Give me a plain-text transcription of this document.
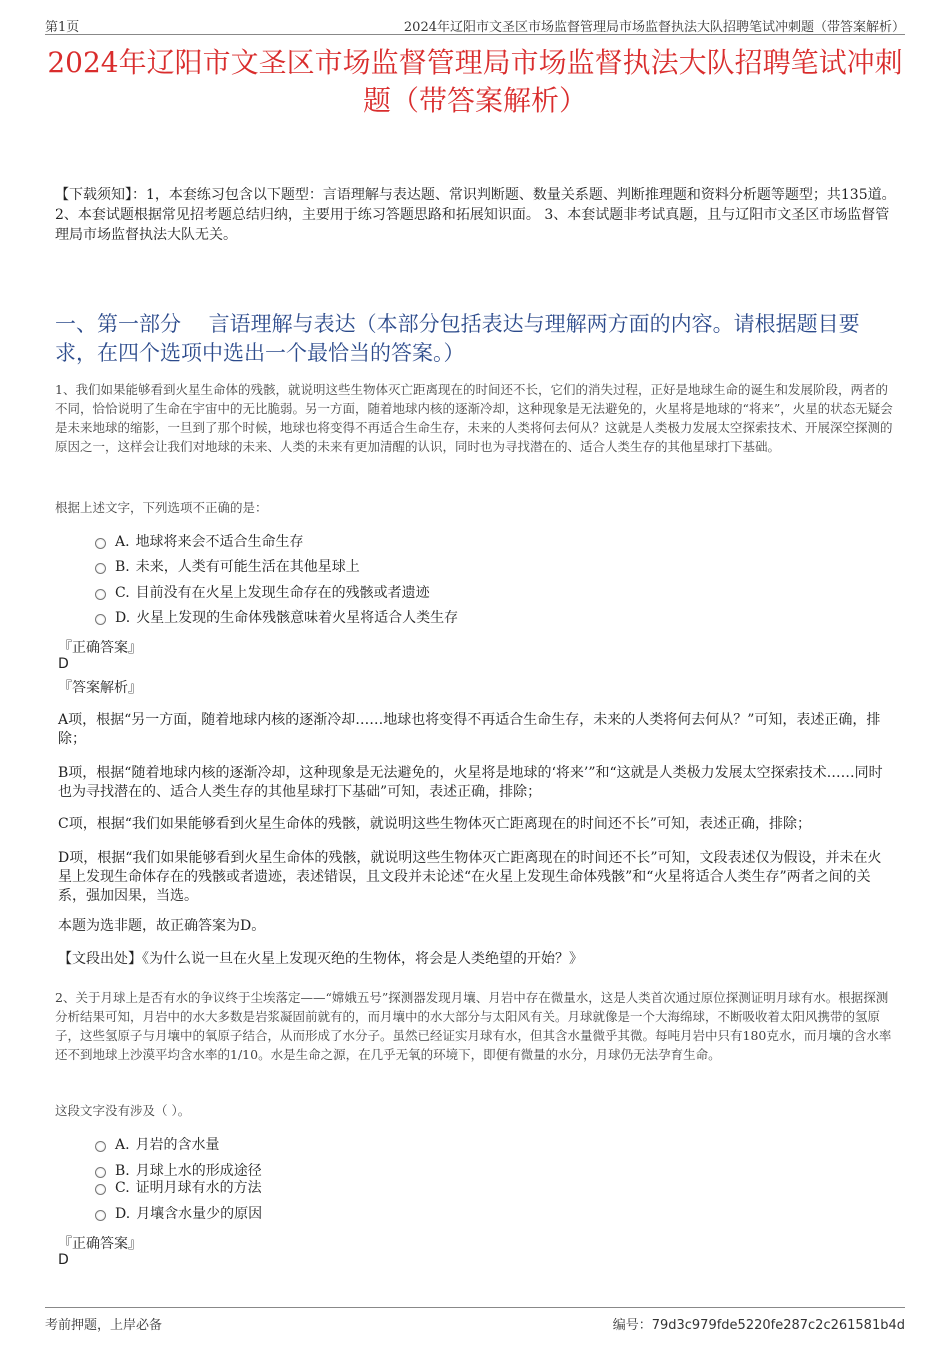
第1页	2024年辽阳市文圣区市场监督管理局市场监督执法大队招聘笔试冲刺题（带答案解析）
2024年辽阳市文圣区市场监督管理局市场监督执法大队招聘笔试冲刺题（带答案解析）
【下载须知】：1，本套练习包含以下题型：言语理解与表达题、常识判断题、数量关系题、判断推理题和资料分析题等题型；共135道。 2、本套试题根据常见招考题总结归纳，主要用于练习答题思路和拓展知识面。 3、本套试题非考试真题，且与辽阳市文圣区市场监督管理局市场监督执法大队无关。
一、第一部分　 言语理解与表达（本部分包括表达与理解两方面的内容。请根据题目要求，在四个选项中选出一个最恰当的答案。）
1、我们如果能够看到火星生命体的残骸，就说明这些生物体灭亡距离现在的时间还不长，它们的消失过程，正好是地球生命的诞生和发展阶段，两者的不同，恰恰说明了生命在宇宙中的无比脆弱。另一方面，随着地球内核的逐渐冷却，这种现象是无法避免的，火星将是地球的“将来”，火星的状态无疑会是未来地球的缩影，一旦到了那个时候，地球也将变得不再适合生命生存，未来的人类将何去何从？这就是人类极力发展太空探索技术、开展深空探测的原因之一，这样会让我们对地球的未来、人类的未来有更加清醒的认识，同时也为寻找潜在的、适合人类生存的其他星球打下基础。
根据上述文字，下列选项不正确的是：
A. 地球将来会不适合生命生存
B. 未来，人类有可能生活在其他星球上
C. 目前没有在火星上发现生命存在的残骸或者遗迹
D. 火星上发现的生命体残骸意味着火星将适合人类生存
『正确答案』
D
『答案解析』
A项，根据“另一方面，随着地球内核的逐渐冷却……地球也将变得不再适合生命生存，未来的人类将何去何从？”可知，表述正确，排除；
B项，根据“随着地球内核的逐渐冷却，这种现象是无法避免的，火星将是地球的‘将来’”和“这就是人类极力发展太空探索技术……同时也为寻找潜在的、适合人类生存的其他星球打下基础”可知，表述正确，排除；
C项，根据“我们如果能够看到火星生命体的残骸，就说明这些生物体灭亡距离现在的时间还不长”可知，表述正确，排除；
D项，根据“我们如果能够看到火星生命体的残骸，就说明这些生物体灭亡距离现在的时间还不长”可知，文段表述仅为假设，并未在火星上发现生命体存在的残骸或者遗迹，表述错误，且文段并未论述“在火星上发现生命体残骸”和“火星将适合人类生存”两者之间的关系，强加因果，当选。
本题为选非题，故正确答案为D。
【文段出处】《为什么说一旦在火星上发现灭绝的生物体，将会是人类绝望的开始？》
2、关于月球上是否有水的争议终于尘埃落定——“嫦娥五号”探测器发现月壤、月岩中存在微量水，这是人类首次通过原位探测证明月球有水。根据探测分析结果可知，月岩中的水大多数是岩浆凝固前就有的，而月壤中的水大部分与太阳风有关。月球就像是一个大海绵球，不断吸收着太阳风携带的氢原子，这些氢原子与月壤中的氧原子结合，从而形成了水分子。虽然已经证实月球有水，但其含水量微乎其微。每吨月岩中只有180克水，而月壤的含水率还不到地球上沙漠平均含水率的1/10。水是生命之源，在几乎无氧的环境下，即便有微量的水分，月球仍无法孕育生命。
这段文字没有涉及（ ）。
A. 月岩的含水量
B. 月球上水的形成途径
C. 证明月球有水的方法
D. 月壤含水量少的原因
『正确答案』
D
考前押题，上岸必备	编号：79d3c979fde5220fe287c2c261581b4d
